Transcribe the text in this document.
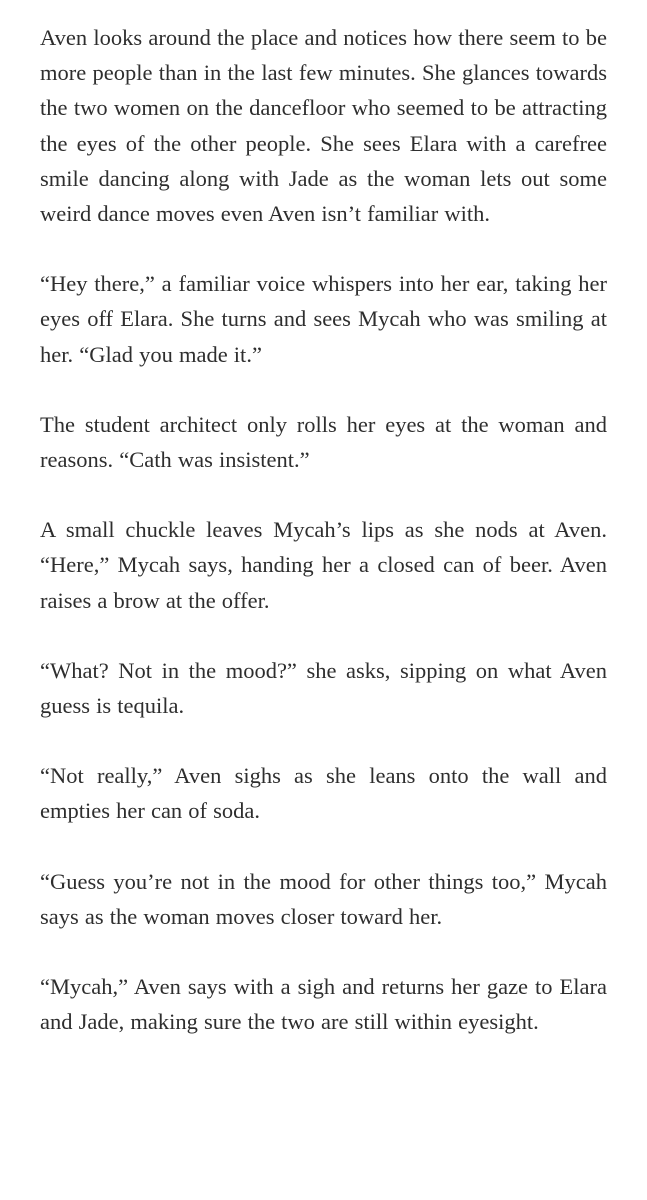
Aven looks around the place and notices how there seem to be more people than in the last few minutes. She glances towards the two women on the dancefloor who seemed to be attracting the eyes of the other people. She sees Elara with a carefree smile dancing along with Jade as the woman lets out some weird dance moves even Aven isn’t familiar with.

“Hey there,” a familiar voice whispers into her ear, taking her eyes off Elara. She turns and sees Mycah who was smiling at her. “Glad you made it.”

The student architect only rolls her eyes at the woman and reasons. “Cath was insistent.”

A small chuckle leaves Mycah’s lips as she nods at Aven. “Here,” Mycah says, handing her a closed can of beer. Aven raises a brow at the offer.

“What? Not in the mood?” she asks, sipping on what Aven guess is tequila.

“Not really,” Aven sighs as she leans onto the wall and empties her can of soda.

“Guess you’re not in the mood for other things too,” Mycah says as the woman moves closer toward her.

“Mycah,” Aven says with a sigh and returns her gaze to Elara and Jade, making sure the two are still within eyesight.
